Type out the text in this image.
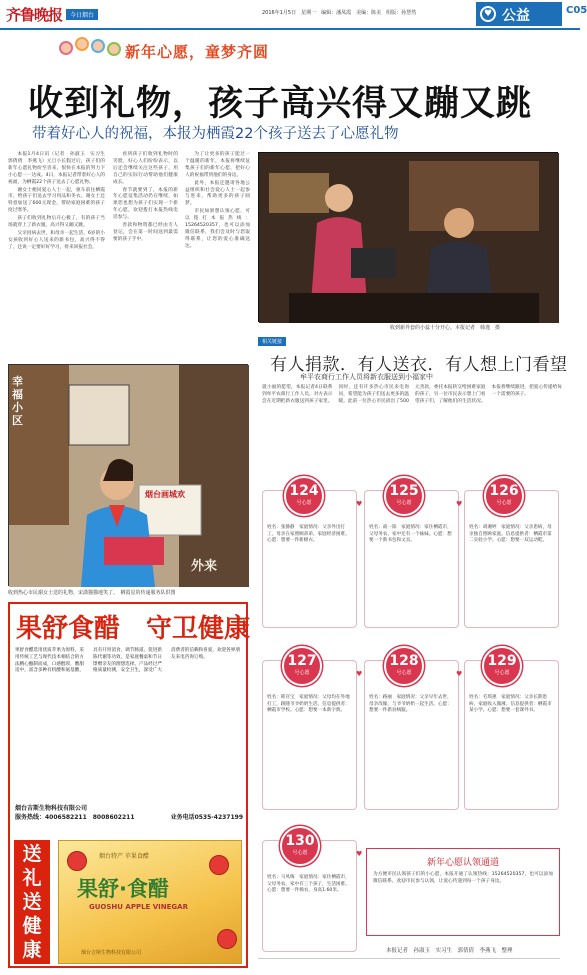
齐鲁晚报	今日烟台	2016年1月5日　星期一　编辑：潘凤霞　美编：陈美　组版：孙慧然	♥ 公益	C05
新年心愿，童梦齐圆
收到礼物，孩子高兴得又蹦又跳
带着好心人的祝福，本报为栖霞22个孩子送去了心愿礼物

本报1月4日讯（记者　孙淑玉　实习生　郭倩倩　李燕飞）元旦小长假过后，孩子们的新年心愿礼物纷至沓来，很快在本报的努力下小心愿一一达成。4日，本报记者带着好心人的祝福，为栖霞22个孩子送去了心愿礼物。

谢女士便同爱心人士一起，驱车前往栖霞市，给孩子们送去学习用品和冬衣。谢女士还特意加送了600元现金，帮助家庭困难的孩子度过寒冬。

孩子们收到礼物后开心极了，有的孩子当场就穿上了新衣服，高兴得又蹦又跳。

父亲因病去世，和母亲一起生活，6岁的小女孩收到好心人送来的新书包，高兴得不得了，还说一定要好好学习，将来回报社会。

看到孩子们收到礼物时的笑脸，好心人们纷纷表示，以后还会继续关注这些孩子，用自己的实际行动帮助他们健康成长。

春节就要到了，本报的新年心愿征集活动仍在继续，如果您也想为孩子们实现一个新年心愿，欢迎拨打本报热线电话参与。

善款和物资都已经由专人登记，会在第一时间送到最需要的孩子手中。

为了让更多的孩子能过一个温暖的新年，本报将继续征集孩子们的新年心愿，把好心人的祝福带到他们的身边。

此外，本报还邀请各地公益组织和社会爱心人士一起参与进来，帮助更多的孩子圆梦。

市民如果想认领心愿，可以拨打本报热线：15264520357，也可以添加微信联系，我们会及时与您取得联系，让您的爱心准确送达。

收到新外套的小蕊十分开心。本报记者　韩逸　摄
幸福小区
烟台画城欢
外来
收到热心市民谢女士送的礼物，宋潇猫猫地笑了。　栖霞星的传递服务队供图
相关链接
有人捐款．有人送衣．有人想上门看望
牟平农商行工作人员将新衣服送到小福家中
就小福的愿望，本报记者4日联系到牟平农商行工作人员，对方表示会在近期把新衣服送到孩子家里。同时，还有许多热心市民来电询问，希望能为孩子们送去更多的温暖。此前一位热心市民捐出了500元善款，委托本报转交给困难家庭的孩子，另一位市民表示想上门看望孩子们，了解他们的生活状况。本报将继续跟进，把爱心传递给每一个需要的孩子。
姓名：张静静　家庭情况：父亲外出打工，母亲在家照顾弟弟，家庭经济困难。心愿：想要一件新棉衣。
124
号心愿
姓名：战一阳　家庭情况：家住栖霞市，父母务农，家中还有一个妹妹。心愿：想要一个新书包和文具。
125
号心愿
姓名：胡湘婷　家庭情况：父亲患病，母亲独自照顾家庭。信息提供者：栖霞市第二实验小学。心愿：想要一双运动鞋。
126
号心愿
姓名：韩宫宝　家庭情况：父母均在外地打工，跟随爷爷奶奶生活。信息提供者：栖霞市学校。心愿：想要一本新字典。
127
号心愿
姓名：路丽　家庭情况：父亲早年去世，母亲改嫁，与爷爷奶奶一起生活。心愿：想要一件新羽绒服。
128
号心愿
姓名：毛琪惠　家庭情况：父亲长期患病，家庭收入微薄。信息提供者：栖霞市某小学。心愿：想要一套课外书。
129
号心愿
姓名：马凤梅　家庭情况：家住栖霞市，父母务农，家中有三个孩子，生活困难。心愿：想要一件棉衣，身高1.60米。
130
号心愿
♥	♥
♥	♥
♥
新年心愿认领通道
为方便市民认领孩子们的小心愿，本报开通了认领热线：15264520357，也可以添加微信联系，欢迎市民参与认领，让爱心传递到每一个孩子身边。
本报记者　孙淑玉　实习生　郭倩倩　李燕飞　整理
果舒食醋　守卫健康
果舒食醋选用优质苹果为原料，采用传统工艺与现代技术相结合的方法精心酿制而成，口感醇厚，酸甜适中，富含多种有机酸和氨基酸，具有开胃消食、调节肠道、促进新陈代谢等功效，是家庭餐桌和节日馈赠亲友的理想选择。产品经过严格质量检测，安全卫生，深受广大消费者的信赖和喜爱，欢迎各界朋友来电咨询订购。
烟台吉斯生物科技有限公司
服务热线：4006582211　8008602211	业务电话0535-4237199
送
礼
送
健
康
烟台特产 苹果食醋
果舒·食醋
GUOSHU APPLE VINEGAR
烟台吉斯生物科技有限公司
